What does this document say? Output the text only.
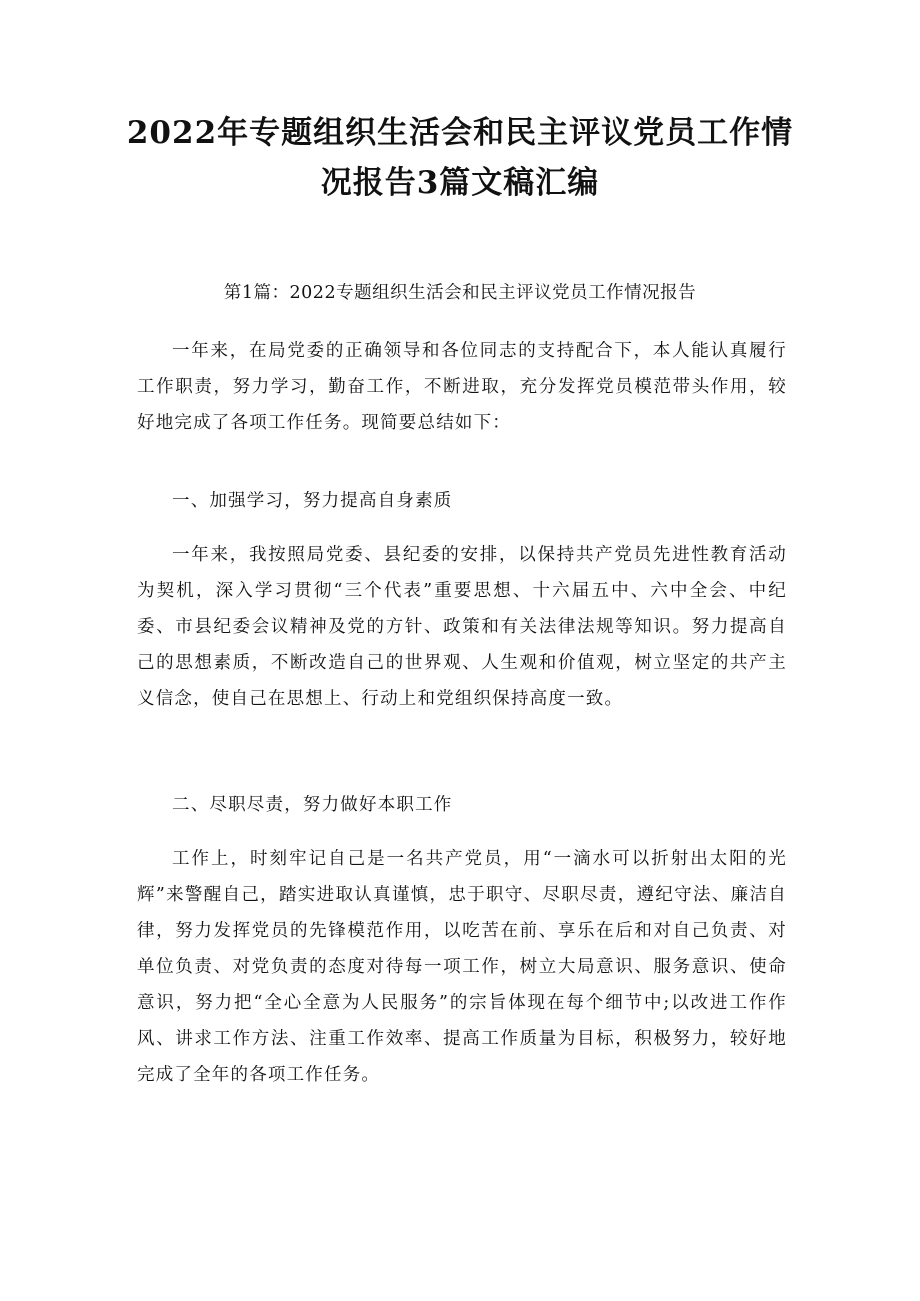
2022年专题组织生活会和民主评议党员工作情
况报告3篇文稿汇编

第1篇：2022专题组织生活会和民主评议党员工作情况报告

一年来，在局党委的正确领导和各位同志的支持配合下，本人能认真履行工作职责，努力学习，勤奋工作，不断进取，充分发挥党员模范带头作用，较好地完成了各项工作任务。现简要总结如下：

一、加强学习，努力提高自身素质

一年来，我按照局党委、县纪委的安排，以保持共产党员先进性教育活动为契机，深入学习贯彻“三个代表”重要思想、十六届五中、六中全会、中纪委、市县纪委会议精神及党的方针、政策和有关法律法规等知识。努力提高自己的思想素质，不断改造自己的世界观、人生观和价值观，树立坚定的共产主义信念，使自己在思想上、行动上和党组织保持高度一致。

二、尽职尽责，努力做好本职工作

工作上，时刻牢记自己是一名共产党员，用“一滴水可以折射出太阳的光辉”来警醒自己，踏实进取认真谨慎，忠于职守、尽职尽责，遵纪守法、廉洁自律，努力发挥党员的先锋模范作用，以吃苦在前、享乐在后和对自己负责、对单位负责、对党负责的态度对待每一项工作，树立大局意识、服务意识、使命意识，努力把“全心全意为人民服务”的宗旨体现在每个细节中;以改进工作作风、讲求工作方法、注重工作效率、提高工作质量为目标，积极努力，较好地完成了全年的各项工作任务。
